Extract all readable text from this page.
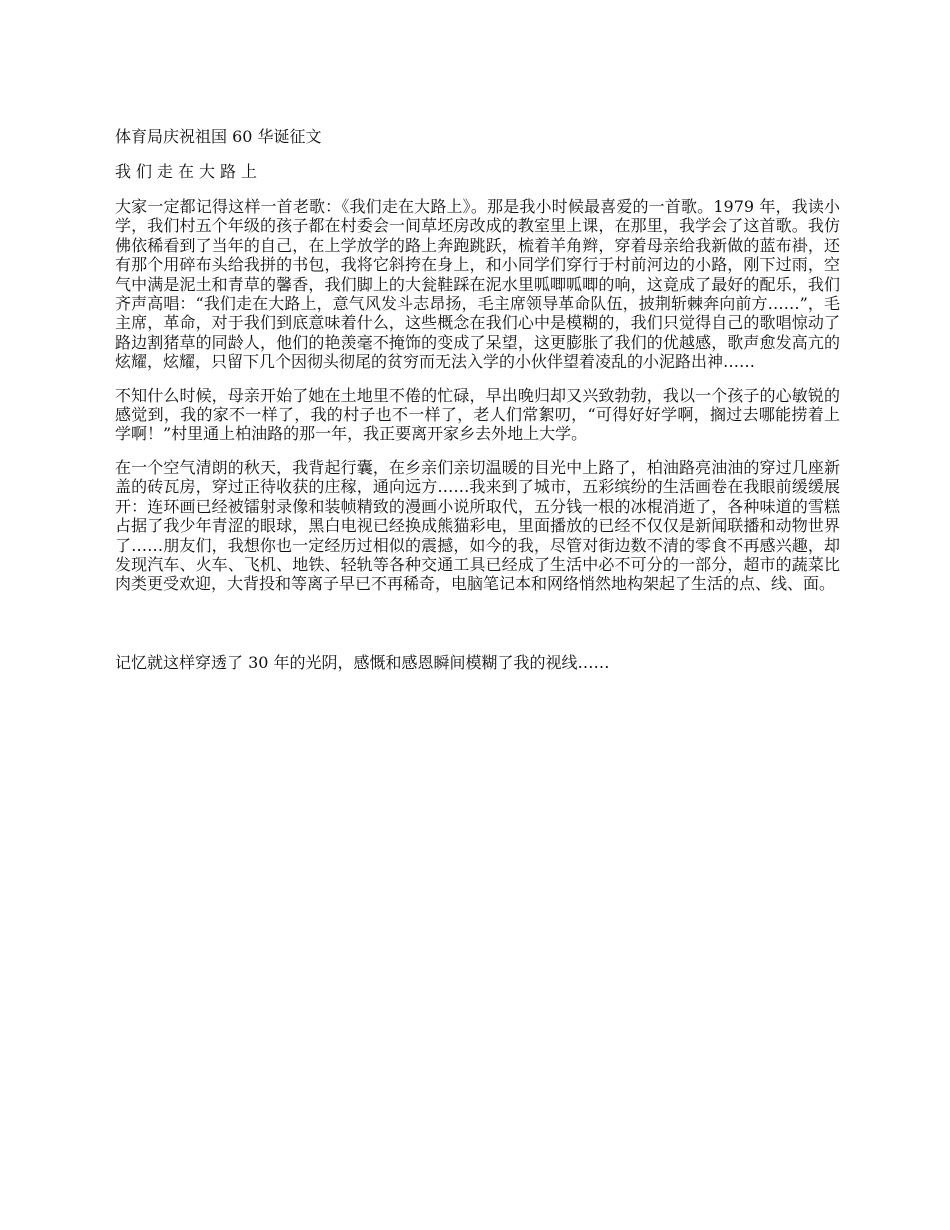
体育局庆祝祖国 60 华诞征文
我们走在大路上

大家一定都记得这样一首老歌：《我们走在大路上》。那是我小时候最喜爱的一首歌。1979 年，我读小学，我们村五个年级的孩子都在村委会一间草坯房改成的教室里上课，在那里，我学会了这首歌。我仿佛依稀看到了当年的自己，在上学放学的路上奔跑跳跃，梳着羊角辫，穿着母亲给我新做的蓝布褂，还有那个用碎布头给我拼的书包，我将它斜挎在身上，和小同学们穿行于村前河边的小路，刚下过雨，空气中满是泥土和青草的馨香，我们脚上的大瓮鞋踩在泥水里呱唧呱唧的响，这竟成了最好的配乐，我们齐声高唱：“我们走在大路上，意气风发斗志昂扬，毛主席领导革命队伍，披荆斩棘奔向前方……”，毛主席，革命，对于我们到底意味着什么，这些概念在我们心中是模糊的，我们只觉得自己的歌唱惊动了路边割猪草的同龄人，他们的艳羡毫不掩饰的变成了呆望，这更膨胀了我们的优越感，歌声愈发高亢的炫耀，炫耀，只留下几个因彻头彻尾的贫穷而无法入学的小伙伴望着凌乱的小泥路出神……

不知什么时候，母亲开始了她在土地里不倦的忙碌，早出晚归却又兴致勃勃，我以一个孩子的心敏锐的感觉到，我的家不一样了，我的村子也不一样了，老人们常絮叨，“可得好好学啊，搁过去哪能捞着上学啊！”村里通上柏油路的那一年，我正要离开家乡去外地上大学。

在一个空气清朗的秋天，我背起行囊，在乡亲们亲切温暖的目光中上路了，柏油路亮油油的穿过几座新盖的砖瓦房，穿过正待收获的庄稼，通向远方……我来到了城市，五彩缤纷的生活画卷在我眼前缓缓展开：连环画已经被镭射录像和装帧精致的漫画小说所取代，五分钱一根的冰棍消逝了，各种味道的雪糕占据了我少年青涩的眼球，黑白电视已经换成熊猫彩电，里面播放的已经不仅仅是新闻联播和动物世界了……朋友们，我想你也一定经历过相似的震撼，如今的我，尽管对街边数不清的零食不再感兴趣，却发现汽车、火车、飞机、地铁、轻轨等各种交通工具已经成了生活中必不可分的一部分，超市的蔬菜比肉类更受欢迎，大背投和等离子早已不再稀奇，电脑笔记本和网络悄然地构架起了生活的点、线、面。

记忆就这样穿透了 30 年的光阴，感慨和感恩瞬间模糊了我的视线……
